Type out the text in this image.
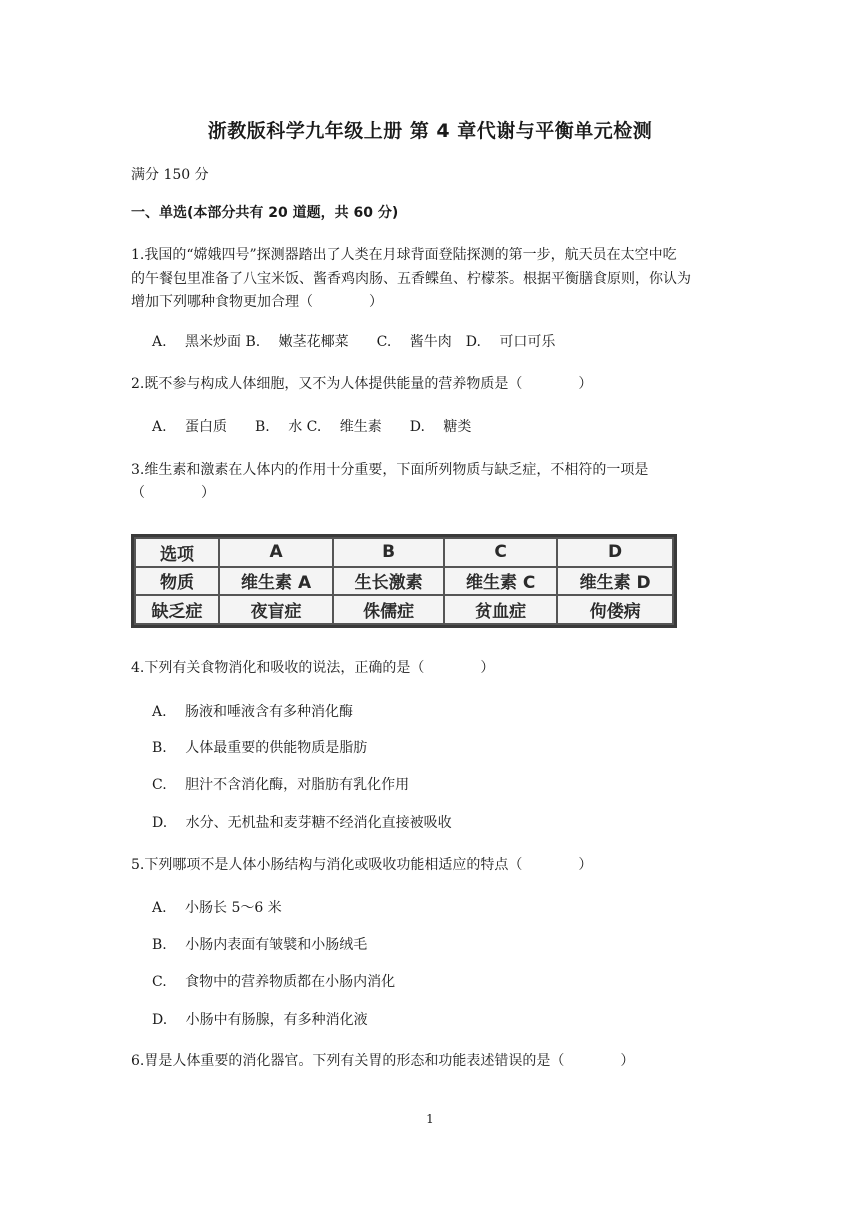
浙教版科学九年级上册 第 4 章代谢与平衡单元检测
满分 150 分
一、单选(本部分共有 20 道题，共 60 分)
1.我国的“嫦娥四号”探测器踏出了人类在月球背面登陆探测的第一步，航天员在太空中吃
的午餐包里准备了八宝米饭、酱香鸡肉肠、五香鲽鱼、柠檬茶。根据平衡膳食原则，你认为
增加下列哪种食物更加合理（　　　　）
A.　 黑米炒面 B.　 嫩茎花椰菜　　C.　 酱牛肉　D.　 可口可乐
2.既不参与构成人体细胞，又不为人体提供能量的营养物质是（　　　　）
A.　 蛋白质　　B.　 水 C.　 维生素　　D.　 糖类
3.维生素和激素在人体内的作用十分重要，下面所列物质与缺乏症，不相符的一项是
（　　　　）
选项	A	B	C	D
物质	维生素 A	生长激素	维生素 C	维生素 D
缺乏症	夜盲症	侏儒症	贫血症	佝偻病
4.下列有关食物消化和吸收的说法，正确的是（　　　　）
A.　 肠液和唾液含有多种消化酶
B.　 人体最重要的供能物质是脂肪
C.　 胆汁不含消化酶，对脂肪有乳化作用
D.　 水分、无机盐和麦芽糖不经消化直接被吸收
5.下列哪项不是人体小肠结构与消化或吸收功能相适应的特点（　　　　）
A.　 小肠长 5～6 米
B.　 小肠内表面有皱襞和小肠绒毛
C.　 食物中的营养物质都在小肠内消化
D.　 小肠中有肠腺，有多种消化液
6.胃是人体重要的消化器官。下列有关胃的形态和功能表述错误的是（　　　　）
1
